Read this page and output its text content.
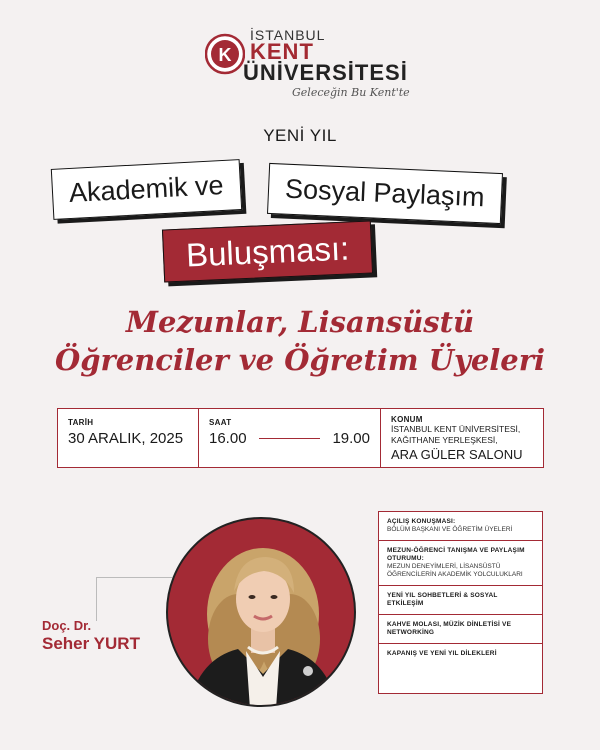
K
İSTANBUL
KENT
ÜNİVERSİTESİ
Geleceğin Bu Kent'te
YENİ YIL
Akademik ve	Sosyal Paylaşım
Buluşması:
Mezunlar, Lisansüstü
Öğrenciler ve Öğretim Üyeleri
TARİH
30 ARALIK, 2025
SAAT
16.00	19.00
KONUM
İSTANBUL KENT ÜNİVERSİTESİ,
KAĞITHANE YERLEŞKESİ,
ARA GÜLER SALONU
Doç. Dr.
Seher YURT
AÇILIŞ KONUŞMASI:
BÖLÜM BAŞKANI VE ÖĞRETİM ÜYELERİ
MEZUN-ÖĞRENCİ TANIŞMA VE PAYLAŞIM OTURUMU:
MEZUN DENEYİMLERİ, LİSANSÜSTÜ ÖĞRENCİLERİN AKADEMİK YOLCULUKLARI
YENİ YIL SOHBETLERİ & SOSYAL ETKİLEŞİM
KAHVE MOLASI, MÜZİK DİNLETİSİ VE NETWORKİNG
KAPANIŞ VE YENİ YIL DİLEKLERİ
